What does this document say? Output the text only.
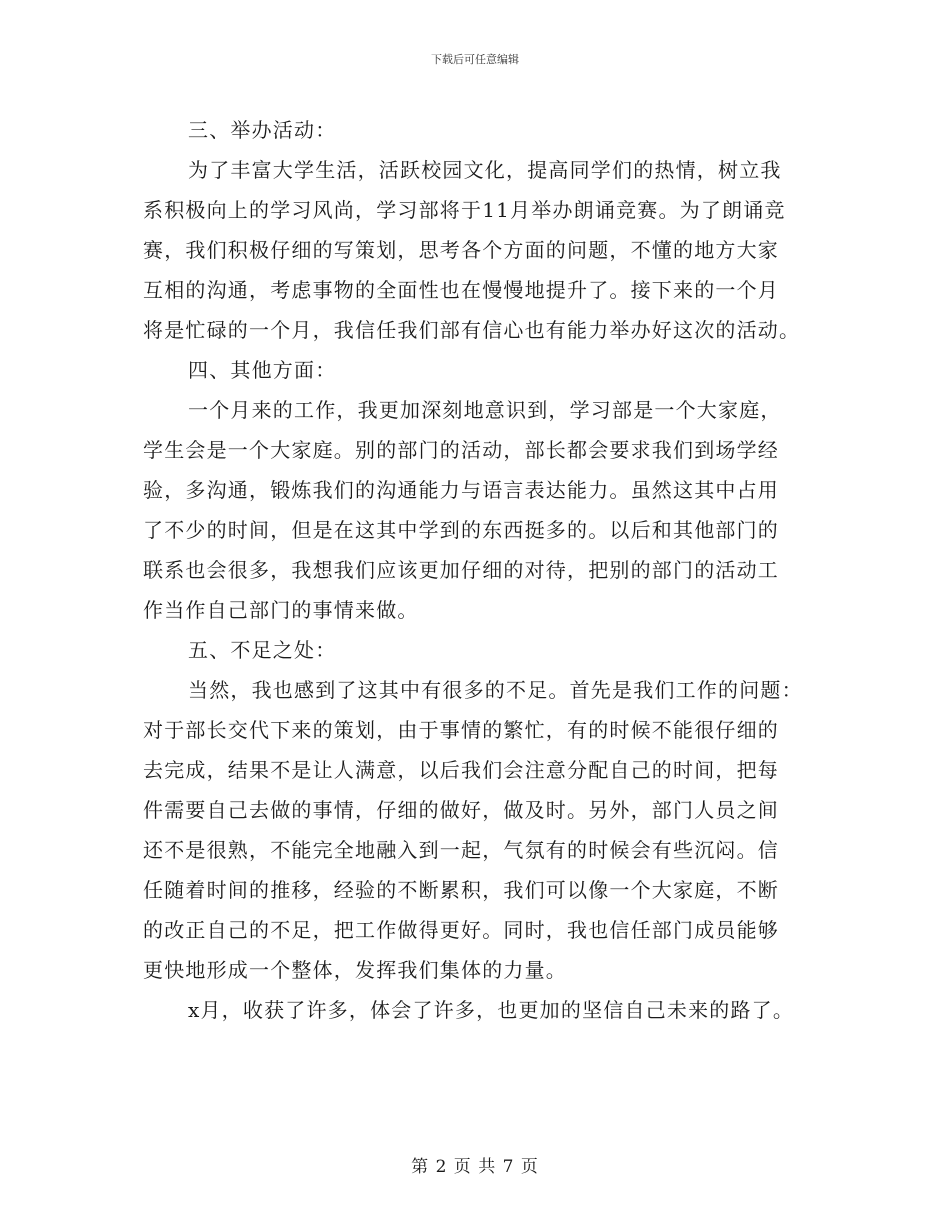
下载后可任意编辑
三、举办活动：
为了丰富大学生活，活跃校园文化，提高同学们的热情，树立我
系积极向上的学习风尚，学习部将于11月举办朗诵竞赛。为了朗诵竞
赛，我们积极仔细的写策划，思考各个方面的问题，不懂的地方大家
互相的沟通，考虑事物的全面性也在慢慢地提升了。接下来的一个月
将是忙碌的一个月，我信任我们部有信心也有能力举办好这次的活动。
四、其他方面：
一个月来的工作，我更加深刻地意识到，学习部是一个大家庭，
学生会是一个大家庭。别的部门的活动，部长都会要求我们到场学经
验，多沟通，锻炼我们的沟通能力与语言表达能力。虽然这其中占用
了不少的时间，但是在这其中学到的东西挺多的。以后和其他部门的
联系也会很多，我想我们应该更加仔细的对待，把别的部门的活动工
作当作自己部门的事情来做。
五、不足之处：
当然，我也感到了这其中有很多的不足。首先是我们工作的问题：
对于部长交代下来的策划，由于事情的繁忙，有的时候不能很仔细的
去完成，结果不是让人满意，以后我们会注意分配自己的时间，把每
件需要自己去做的事情，仔细的做好，做及时。另外，部门人员之间
还不是很熟，不能完全地融入到一起，气氛有的时候会有些沉闷。信
任随着时间的推移，经验的不断累积，我们可以像一个大家庭，不断
的改正自己的不足，把工作做得更好。同时，我也信任部门成员能够
更快地形成一个整体，发挥我们集体的力量。
x月，收获了许多，体会了许多，也更加的坚信自己未来的路了。
第 2 页 共 7 页
